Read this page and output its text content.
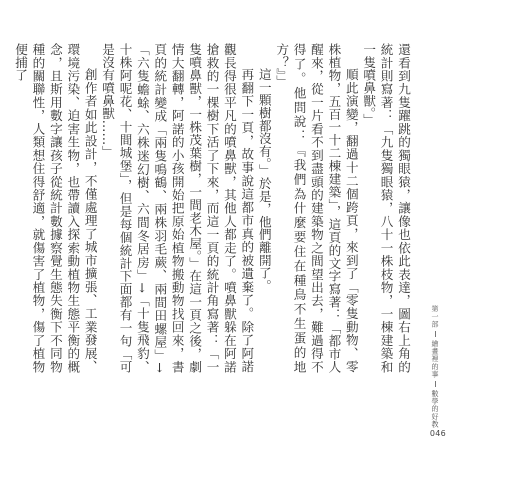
還看到九隻躍跳的獨眼猿，讓像也依此表達，圖右上角的統計則寫著：「九隻獨眼猿，八十一株枝物，一棟建築和一隻噴鼻獸。」

順此演變，翻過十二個跨頁，來到了「零隻動物、零株植物，五百一十二棟建築」，這頁的文字寫著：「都市人醒來，從一片看不到盡頭的建築物之間望出去，難過得不得了。他問說：『我們為什麼要住在種鳥不生蛋的地方？』」

這一顆樹都沒有。」於是，他們離開了。

再翻下一頁，故事說這都市真的被遺棄了。除了阿諾觀長得很平凡的噴鼻獸，其他人都走了。噴鼻獸躲在阿諾搶救的一棵樹下活了下來，而這一頁的統計角寫著：「一隻噴鼻獸，一株茂葉樹，一間老木屋。」在這一頁之後，劇情大翻轉，阿諾的小孩開始把原始植物搬動物找回來，書頁的統計變成「兩隻鳴鶴、兩株羽毛蕨、兩間田螺屋」→「六隻蟾蜍、六株迷幻樹、六間冬居房」→「十隻飛豹、十株阿呢花、十間城堡」，但是每個統計下面都有一句「可是沒有噴鼻獸……」

創作者如此設計，不僅處理了城市擴張、工業發展、環境污染、迫害生物，也帶讀入探索動植物生態平衡的概念，且斯用數字讓孩子從統計數據察覺生態失衡下不同物種的關聯性，人類想住得舒適，就傷害了植物，傷了植物便捕了

第一部繪畫裡的事數學的好教
046
